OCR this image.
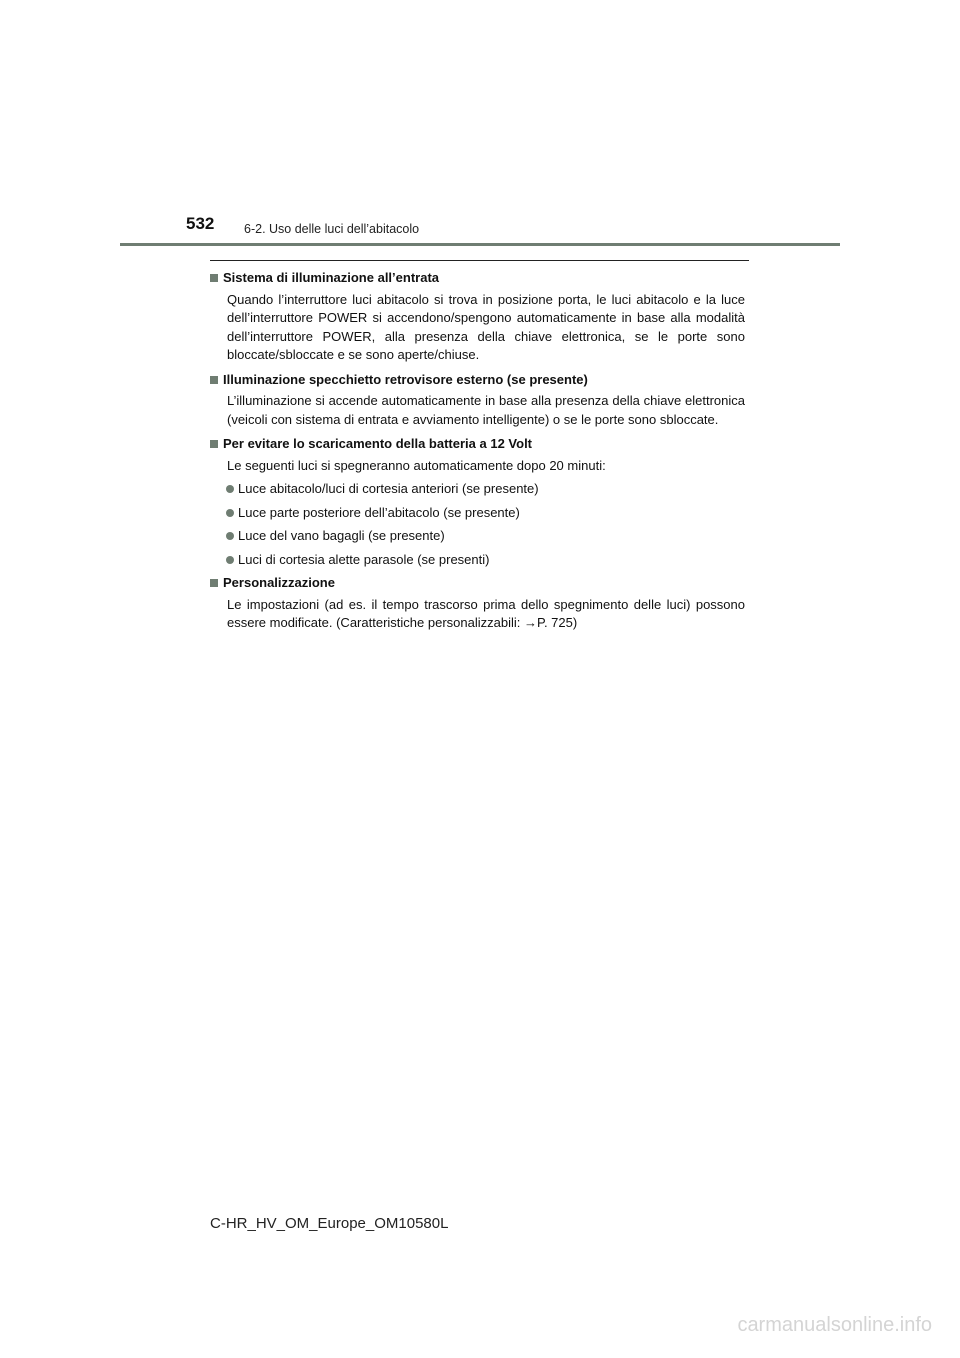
532 6-2. Uso delle luci dell’abitacolo
Sistema di illuminazione all’entrata
Quando l’interruttore luci abitacolo si trova in posizione porta, le luci abitacolo e la luce dell’interruttore POWER si accendono/spengono automaticamente in base alla modalità dell’interruttore POWER, alla presenza della chiave elettronica, se le porte sono bloccate/sbloccate e se sono aperte/chiuse.
Illuminazione specchietto retrovisore esterno (se presente)
L’illuminazione si accende automaticamente in base alla presenza della chiave elettronica (veicoli con sistema di entrata e avviamento intelligente) o se le porte sono sbloccate.
Per evitare lo scaricamento della batteria a 12 Volt
Le seguenti luci si spegneranno automaticamente dopo 20 minuti:
Luce abitacolo/luci di cortesia anteriori (se presente)
Luce parte posteriore dell’abitacolo (se presente)
Luce del vano bagagli (se presente)
Luci di cortesia alette parasole (se presenti)
Personalizzazione
Le impostazioni (ad es. il tempo trascorso prima dello spegnimento delle luci) possono essere modificate. (Caratteristiche personalizzabili: →P. 725)
C-HR_HV_OM_Europe_OM10580L
carmanualsonline.info
